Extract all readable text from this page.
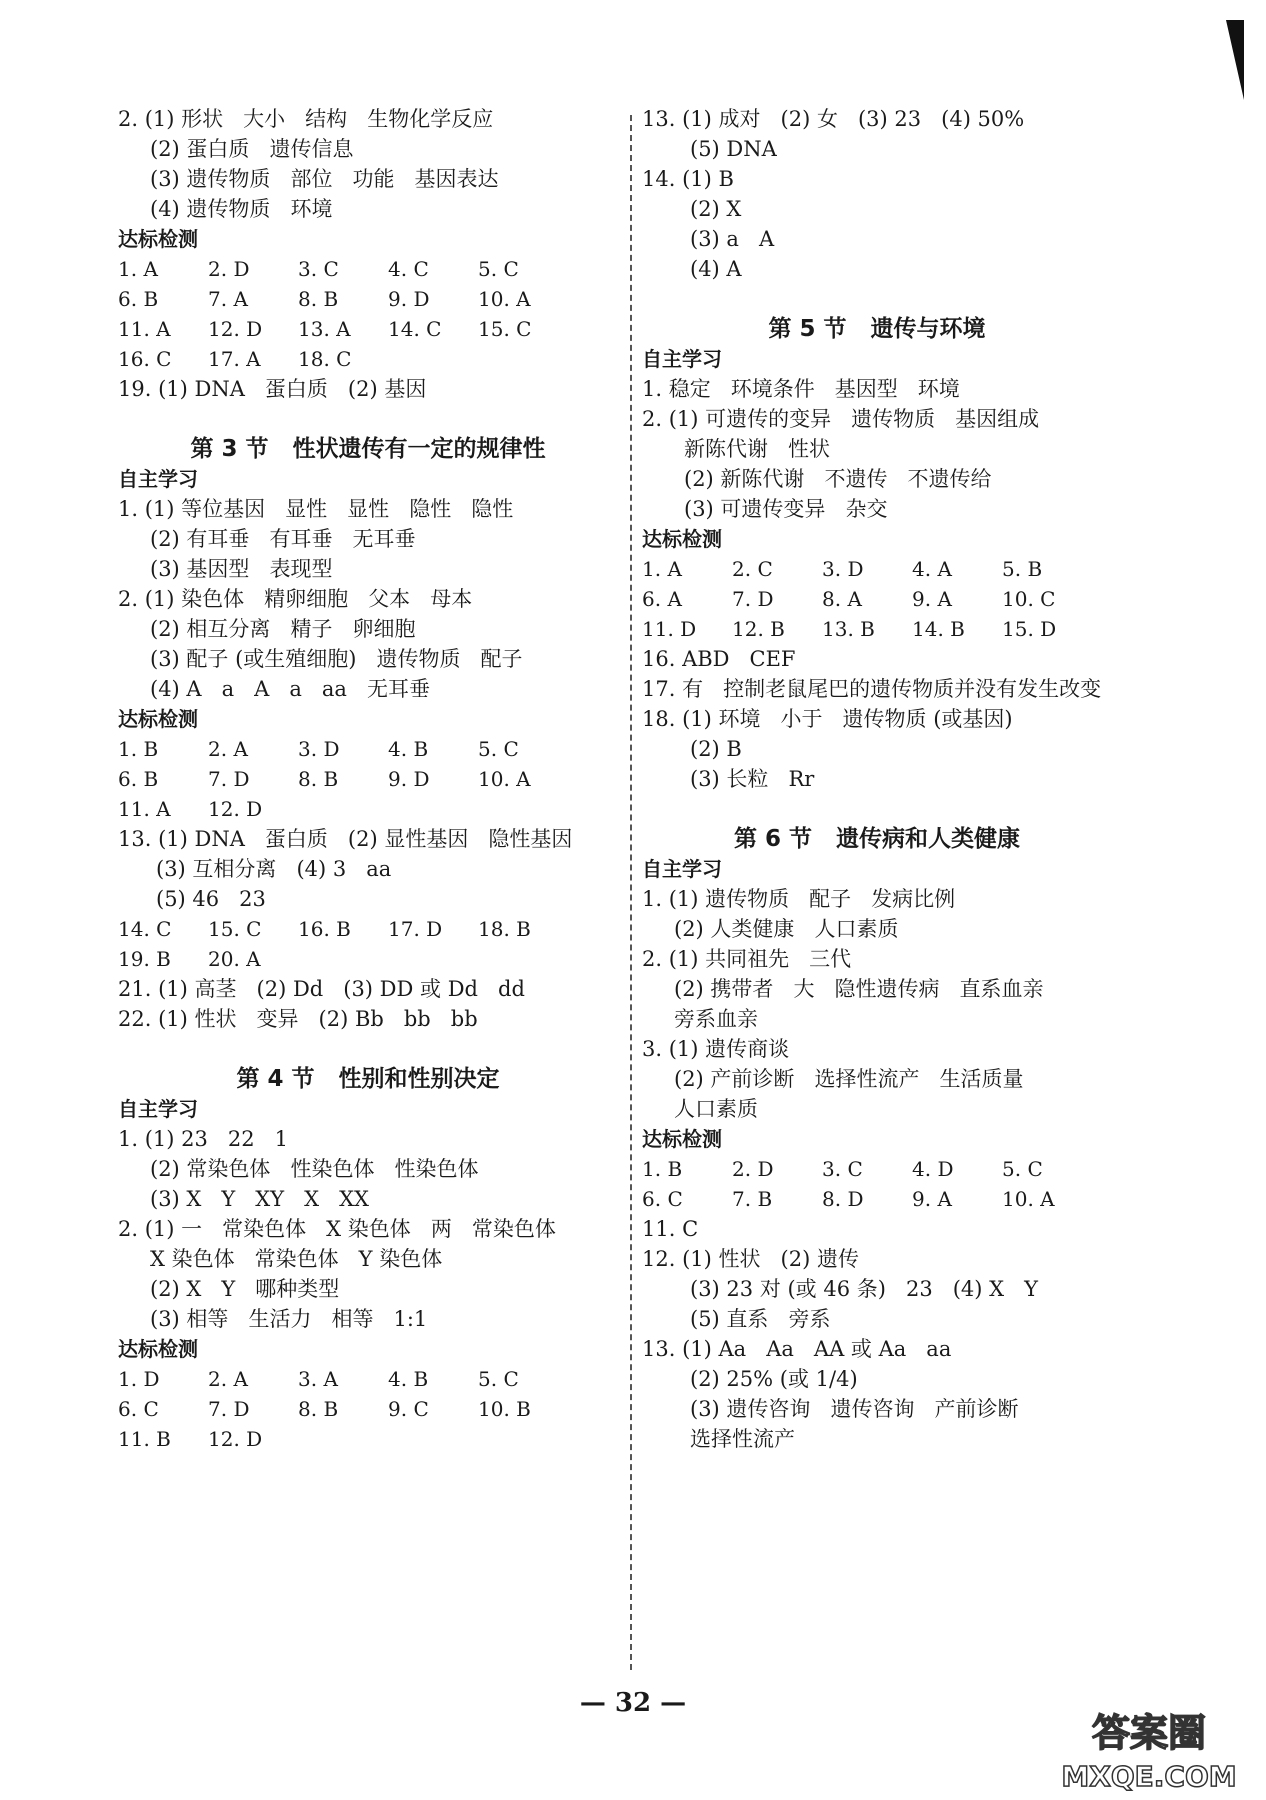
2. (1) 形状   大小   结构   生物化学反应
(2) 蛋白质   遗传信息
(3) 遗传物质   部位   功能   基因表达
(4) 遗传物质   环境
达标检测
1. A	2. D 3. C 4. C 5. C
6. B 7. A	8. B 9. D 10. A
11. A 12. D 13. A 14. C 15. C
16. C 17. A 18. C
19. (1) DNA   蛋白质   (2) 基因
第 3 节   性状遗传有一定的规律性
自主学习
1. (1) 等位基因   显性   显性   隐性   隐性
(2) 有耳垂   有耳垂   无耳垂
(3) 基因型   表现型
2. (1) 染色体   精卵细胞   父本   母本
(2) 相互分离   精子   卵细胞
(3) 配子 (或生殖细胞)   遗传物质   配子
(4) A   a   A   a   aa   无耳垂
达标检测
1. B 2. A	3. D 4. B 5. C
6. B 7. D 8. B 9. D 10. A
11. A 12. D
13. (1) DNA   蛋白质   (2) 显性基因   隐性基因
(3) 互相分离   (4) 3   aa
(5) 46   23
14. C 15. C 16. B 17. D 18. B
19. B 20. A
21. (1) 高茎   (2) Dd   (3) DD 或 Dd   dd
22. (1) 性状   变异   (2) Bb   bb   bb
第 4 节   性别和性别决定
自主学习
1. (1) 23   22   1
(2) 常染色体   性染色体   性染色体
(3) X   Y   XY   X   XX
2. (1) 一   常染色体   X 染色体   两   常染色体
X 染色体   常染色体   Y 染色体
(2) X   Y   哪种类型
(3) 相等   生活力   相等   1:1
达标检测
1. D 2. A	3. A	4. B 5. C
6. C 7. D 8. B 9. C 10. B
11. B 12. D
13. (1) 成对   (2) 女   (3) 23   (4) 50%
(5) DNA
14. (1) B
(2) X
(3) a   A
(4) A
第 5 节   遗传与环境
自主学习
1. 稳定   环境条件   基因型   环境
2. (1) 可遗传的变异   遗传物质   基因组成
新陈代谢   性状
(2) 新陈代谢   不遗传   不遗传给
(3) 可遗传变异   杂交
达标检测
1. A	2. C 3. D 4. A	5. B
6. A	7. D 8. A	9. A	10. C
11. D 12. B 13. B 14. B 15. D
16. ABD   CEF
17. 有   控制老鼠尾巴的遗传物质并没有发生改变
18. (1) 环境   小于   遗传物质 (或基因)
(2) B
(3) 长粒   Rr
第 6 节   遗传病和人类健康
自主学习
1. (1) 遗传物质   配子   发病比例
(2) 人类健康   人口素质
2. (1) 共同祖先   三代
(2) 携带者   大   隐性遗传病   直系血亲
旁系血亲
3. (1) 遗传商谈
(2) 产前诊断   选择性流产   生活质量
人口素质
达标检测
1. B 2. D 3. C 4. D 5. C
6. C 7. B 8. D 9. A	10. A
11. C
12. (1) 性状   (2) 遗传
(3) 23 对 (或 46 条)   23   (4) X   Y
(5) 直系   旁系
13. (1) Aa   Aa   AA 或 Aa   aa
(2) 25% (或 1/4)
(3) 遗传咨询   遗传咨询   产前诊断
选择性流产
— 32 —
答案圈
MXQE.COM
